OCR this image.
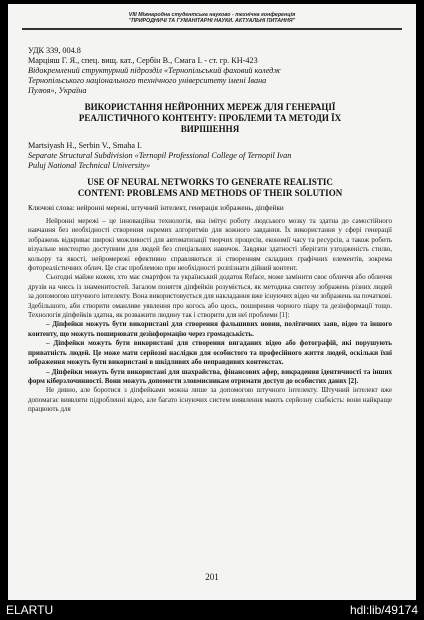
VIII Міжнародна студентська науково - технічна конференція
"ПРИРОДНИЧІ ТА ГУМАНІТАРНІ НАУКИ. АКТУАЛЬНІ ПИТАННЯ"
УДК 339, 004.8
Марціяш Г. Я., спец. вищ. кат., Сербін В., Смага І. - ст. гр. КН-423
Відокремлений структурний підрозділ «Тернопільський фаховий коледж
Тернопільського національного технічного університету імені Івана
Пулюя», Україна
ВИКОРИСТАННЯ НЕЙРОННИХ МЕРЕЖ ДЛЯ ГЕНЕРАЦІЇ
РЕАЛІСТИЧНОГО КОНТЕНТУ: ПРОБЛЕМИ ТА МЕТОДИ ЇХ
ВИРІШЕННЯ
Martsiyash H., Serbin V., Smaha I.
Separate Structural Subdivision «Ternopil Professional College of Ternopil Ivan
Puluj National Technical University»
USE OF NEURAL NETWORKS TO GENERATE REALISTIC
CONTENT: PROBLEMS AND METHODS OF THEIR SOLUTION
Ключові слова: нейронні мережі, штучний інтелект, генерація зображень, діпфейки

Нейронні мережі – це інноваційна технологія, яка імітує роботу людського мозку та здатна до самостійного навчання без необхідності створення окремих алгоритмів для кожного завдання. Їх використання у сфері генерації зображень відкриває широкі можливості для автоматизації творчих процесів, економії часу та ресурсів, а також робить візуальне мистецтво доступним для людей без спеціальних навичок. Завдяки здатності зберігати узгодженість стилю, кольору та якості, нейромережі ефективно справляються зі створенням складних графічних елементів, зокрема фотореалістичних облич. Це стає проблемою при необхідності розпізнати дійний контент.

Сьогодні майже кожен, хто має смартфон та український додаток Reface, може замінити своє обличчя або обличчя друзів на чиєсь із знаменитостей. Загалом поняття діпфейків розуміється, як методика синтезу зображень різних людей за допомогою штучного інтелекту. Вона використовується для накладання вже існуючих відео чи зображень на початкові. Здебільшого, аби створити оманливе уявлення про когось або щось, поширення чорного піару та дезінформації тощо. Технологія діпфейків здатна, як розважити людину так і створити для неї проблеми [1]:

– Діпфейки можуть бути використані для створення фальшивих новин, політичних заяв, відео та іншого контенту, що можуть поширювати дезінформацію через громадськість.

– Діпфейки можуть бути використані для створення вигаданих відео або фотографій, які порушують приватність людей. Це може мати серйозні наслідки для особистого та професійного життя людей, оскільки їхні зображення можуть бути використані в шкідливих або неправдивих контекстах.

– Діпфейки можуть бути використані для шахрайства, фінансових афер, викрадення ідентичності та інших форм кіберзлочинності. Вони можуть допомогти зловмисникам отримати доступ до особистих даних [2].

Не дивно, але боротися з діпфейками можна лише за допомогою штучного інтелекту. Штучний інтелект вже допомагає виявляти підробленні відео, але багато існуючих систем виявлення мають серйозну слабкість: вони найкраще працюють для

201
ELARTU	hdl:lib/49174
